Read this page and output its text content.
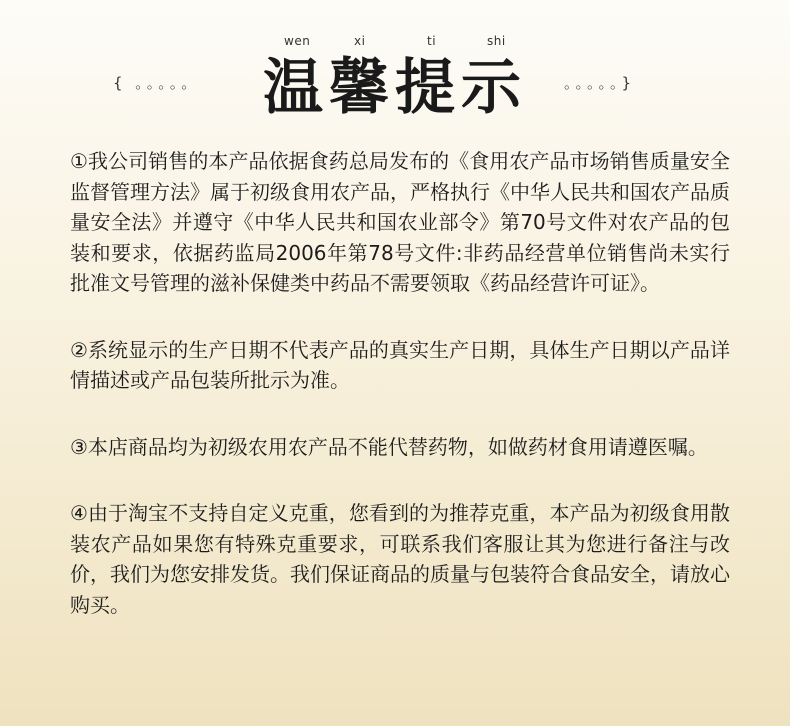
wen	xi	ti	shi
{ 。。。。。	温馨提示	。。。。。}

①我公司销售的本产品依据食药总局发布的《食用农产品市场销售质量安全监督管理方法》属于初级食用农产品，严格执行《中华人民共和国农产品质量安全法》并遵守《中华人民共和国农业部令》第70号文件对农产品的包装和要求，依据药监局2006年第78号文件:非药品经营单位销售尚未实行批准文号管理的滋补保健类中药品不需要领取《药品经营许可证》。

②系统显示的生产日期不代表产品的真实生产日期，具体生产日期以产品详情描述或产品包装所批示为准。

③本店商品均为初级农用农产品不能代替药物，如做药材食用请遵医嘱。

④由于淘宝不支持自定义克重，您看到的为推荐克重，本产品为初级食用散装农产品如果您有特殊克重要求，可联系我们客服让其为您进行备注与改价，我们为您安排发货。我们保证商品的质量与包装符合食品安全，请放心购买。
